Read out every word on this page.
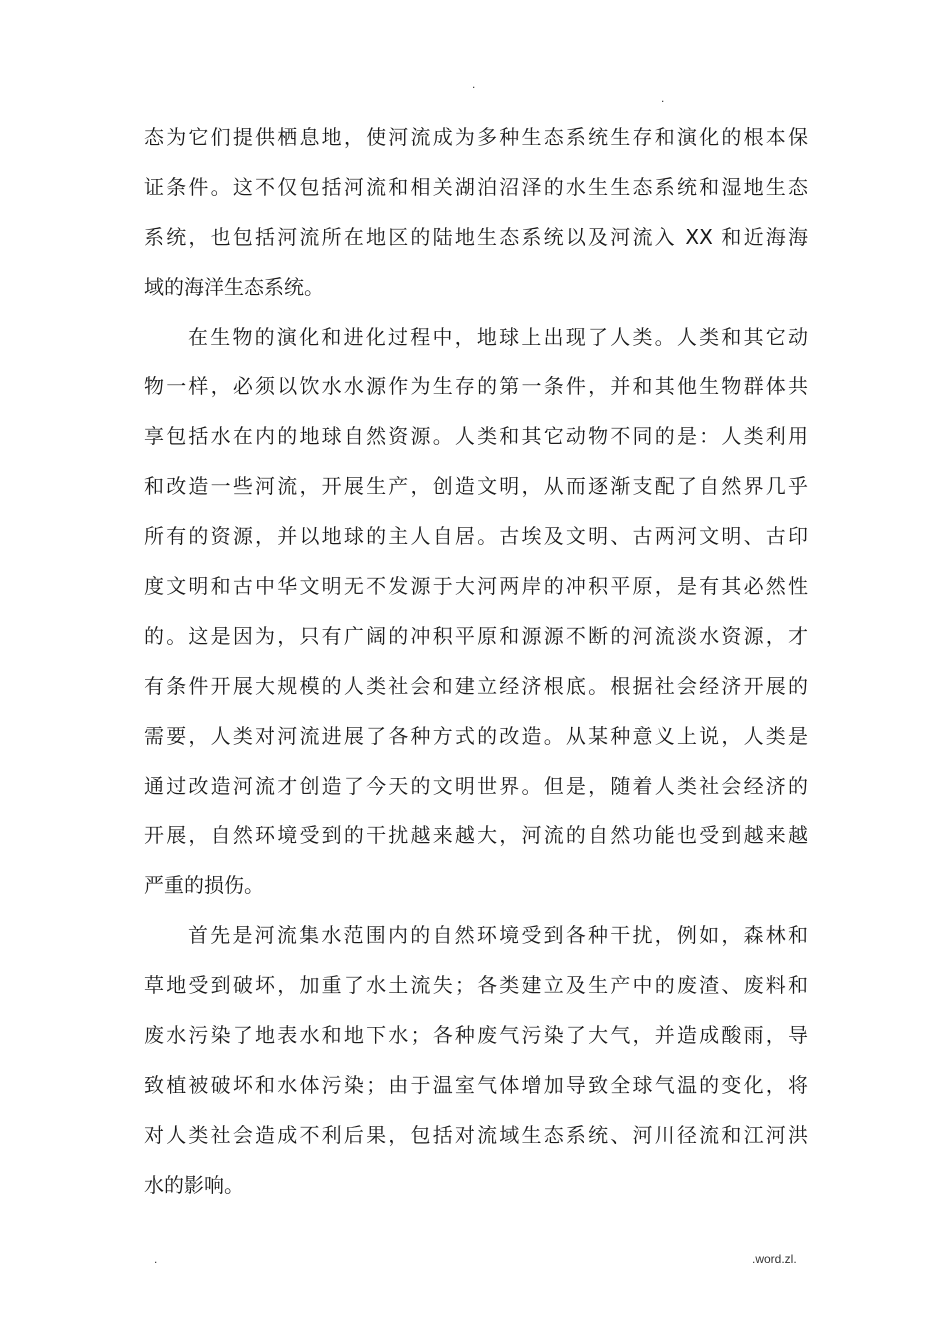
.
.
态为它们提供栖息地，使河流成为多种生态系统生存和演化的根本保
证条件。这不仅包括河流和相关湖泊沼泽的水生生态系统和湿地生态
系统，也包括河流所在地区的陆地生态系统以及河流入 XX 和近海海
域的海洋生态系统。
在生物的演化和进化过程中，地球上出现了人类。人类和其它动
物一样，必须以饮水水源作为生存的第一条件，并和其他生物群体共
享包括水在内的地球自然资源。人类和其它动物不同的是：人类利用
和改造一些河流，开展生产，创造文明，从而逐渐支配了自然界几乎
所有的资源，并以地球的主人自居。古埃及文明、古两河文明、古印
度文明和古中华文明无不发源于大河两岸的冲积平原，是有其必然性
的。这是因为，只有广阔的冲积平原和源源不断的河流淡水资源，才
有条件开展大规模的人类社会和建立经济根底。根据社会经济开展的
需要，人类对河流进展了各种方式的改造。从某种意义上说，人类是
通过改造河流才创造了今天的文明世界。但是，随着人类社会经济的
开展，自然环境受到的干扰越来越大，河流的自然功能也受到越来越
严重的损伤。
首先是河流集水范围内的自然环境受到各种干扰，例如，森林和
草地受到破坏，加重了水土流失；各类建立及生产中的废渣、废料和
废水污染了地表水和地下水；各种废气污染了大气，并造成酸雨，导
致植被破坏和水体污染；由于温室气体增加导致全球气温的变化，将
对人类社会造成不利后果，包括对流域生态系统、河川径流和江河洪
水的影响。
.	.word.zl.
